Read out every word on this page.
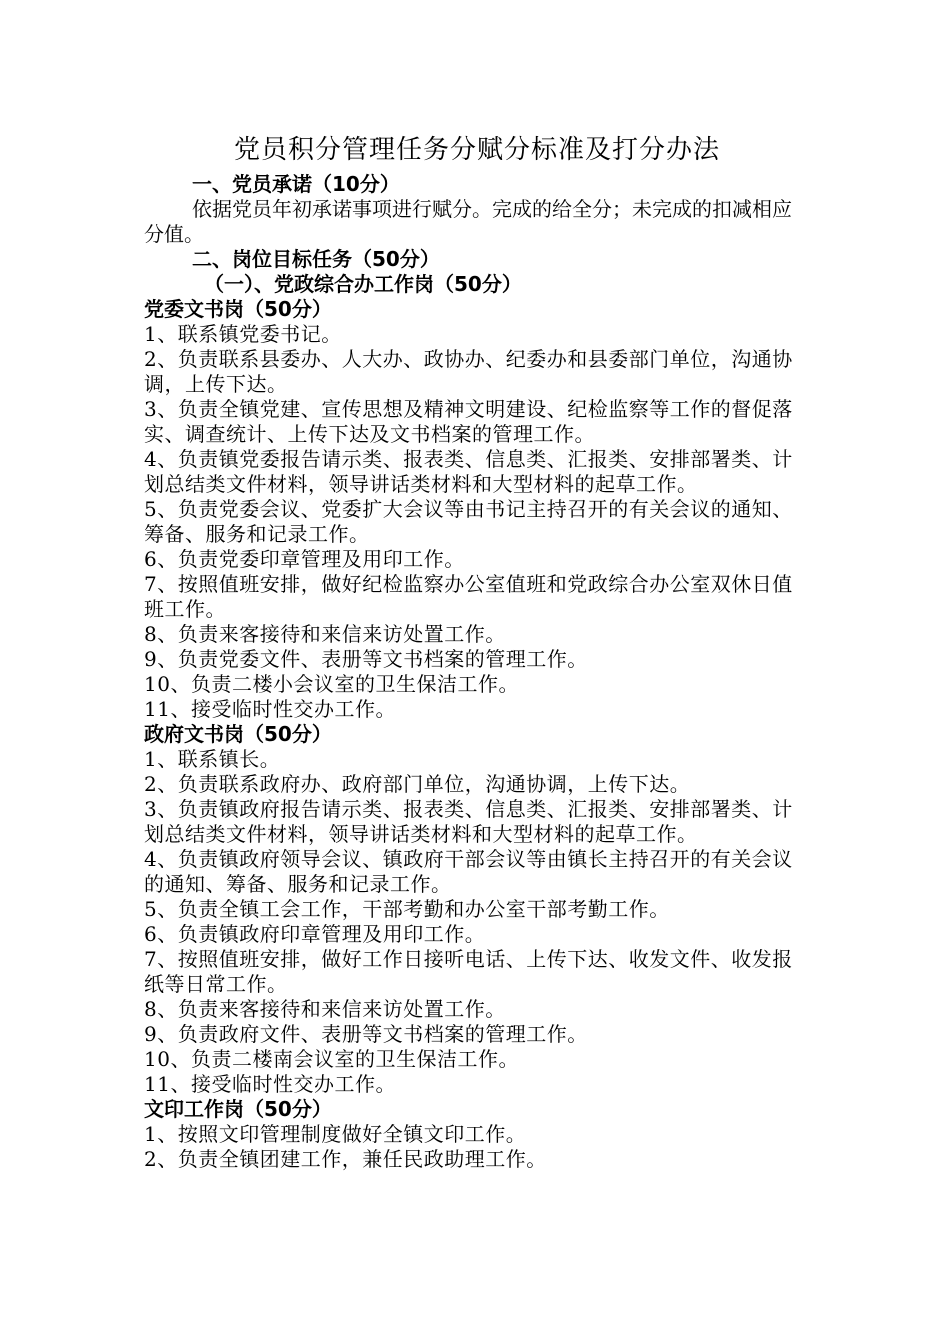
党员积分管理任务分赋分标准及打分办法

一、党员承诺（10分）

依据党员年初承诺事项进行赋分。完成的给全分；未完成的扣减相应分值。

二、岗位目标任务（50分）

（一）、党政综合办工作岗（50分）

党委文书岗（50分）

1、联系镇党委书记。

2、负责联系县委办、人大办、政协办、纪委办和县委部门单位，沟通协调，上传下达。

3、负责全镇党建、宣传思想及精神文明建设、纪检监察等工作的督促落实、调查统计、上传下达及文书档案的管理工作。

4、负责镇党委报告请示类、报表类、信息类、汇报类、安排部署类、计划总结类文件材料，领导讲话类材料和大型材料的起草工作。

5、负责党委会议、党委扩大会议等由书记主持召开的有关会议的通知、筹备、服务和记录工作。

6、负责党委印章管理及用印工作。

7、按照值班安排，做好纪检监察办公室值班和党政综合办公室双休日值班工作。

8、负责来客接待和来信来访处置工作。

9、负责党委文件、表册等文书档案的管理工作。

10、负责二楼小会议室的卫生保洁工作。

11、接受临时性交办工作。

政府文书岗（50分）

1、联系镇长。

2、负责联系政府办、政府部门单位，沟通协调，上传下达。

3、负责镇政府报告请示类、报表类、信息类、汇报类、安排部署类、计划总结类文件材料，领导讲话类材料和大型材料的起草工作。

4、负责镇政府领导会议、镇政府干部会议等由镇长主持召开的有关会议的通知、筹备、服务和记录工作。

5、负责全镇工会工作，干部考勤和办公室干部考勤工作。

6、负责镇政府印章管理及用印工作。

7、按照值班安排，做好工作日接听电话、上传下达、收发文件、收发报纸等日常工作。

8、负责来客接待和来信来访处置工作。

9、负责政府文件、表册等文书档案的管理工作。

10、负责二楼南会议室的卫生保洁工作。

11、接受临时性交办工作。

文印工作岗（50分）

1、按照文印管理制度做好全镇文印工作。

2、负责全镇团建工作，兼任民政助理工作。
